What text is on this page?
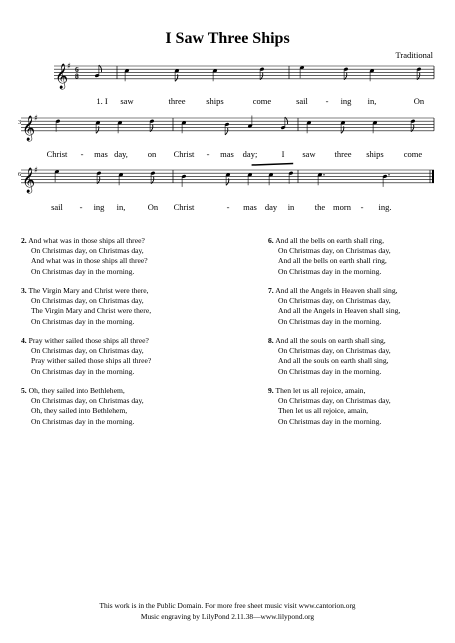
I Saw Three Ships
Traditional
𝄞
♯ 6
8
1. I saw	three ships	come	sail - ing in,	On
𝄞
♯
Christ - mas day, on Christ - mas day;	I saw three ships come
𝄞
♯
sail - ing in,	On Christ	- mas day in the morn - ing.
3
6
2. And what was in those ships all three?
On Christmas day, on Christmas day,
And what was in those ships all three?
On Christmas day in the morning.
3. The Virgin Mary and Christ were there,
On Christmas day, on Christmas day,
The Virgin Mary and Christ were there,
On Christmas day in the morning.
4. Pray wither sailed those ships all three?
On Christmas day, on Christmas day,
Pray wither sailed those ships all three?
On Christmas day in the morning.
5. Oh, they sailed into Bethlehem,
On Christmas day, on Christmas day,
Oh, they sailed into Bethlehem,
On Christmas day in the morning.
6. And all the bells on earth shall ring,
On Christmas day, on Christmas day,
And all the bells on earth shall ring,
On Christmas day in the morning.
7. And all the Angels in Heaven shall sing,
On Christmas day, on Christmas day,
And all the Angels in Heaven shall sing,
On Christmas day in the morning.
8. And all the souls on earth shall sing,
On Christmas day, on Christmas day,
And all the souls on earth shall sing,
On Christmas day in the morning.
9. Then let us all rejoice, amain,
On Christmas day, on Christmas day,
Then let us all rejoice, amain,
On Christmas day in the morning.
This work is in the Public Domain. For more free sheet music visit www.cantorion.org
Music engraving by LilyPond 2.11.38—www.lilypond.org
